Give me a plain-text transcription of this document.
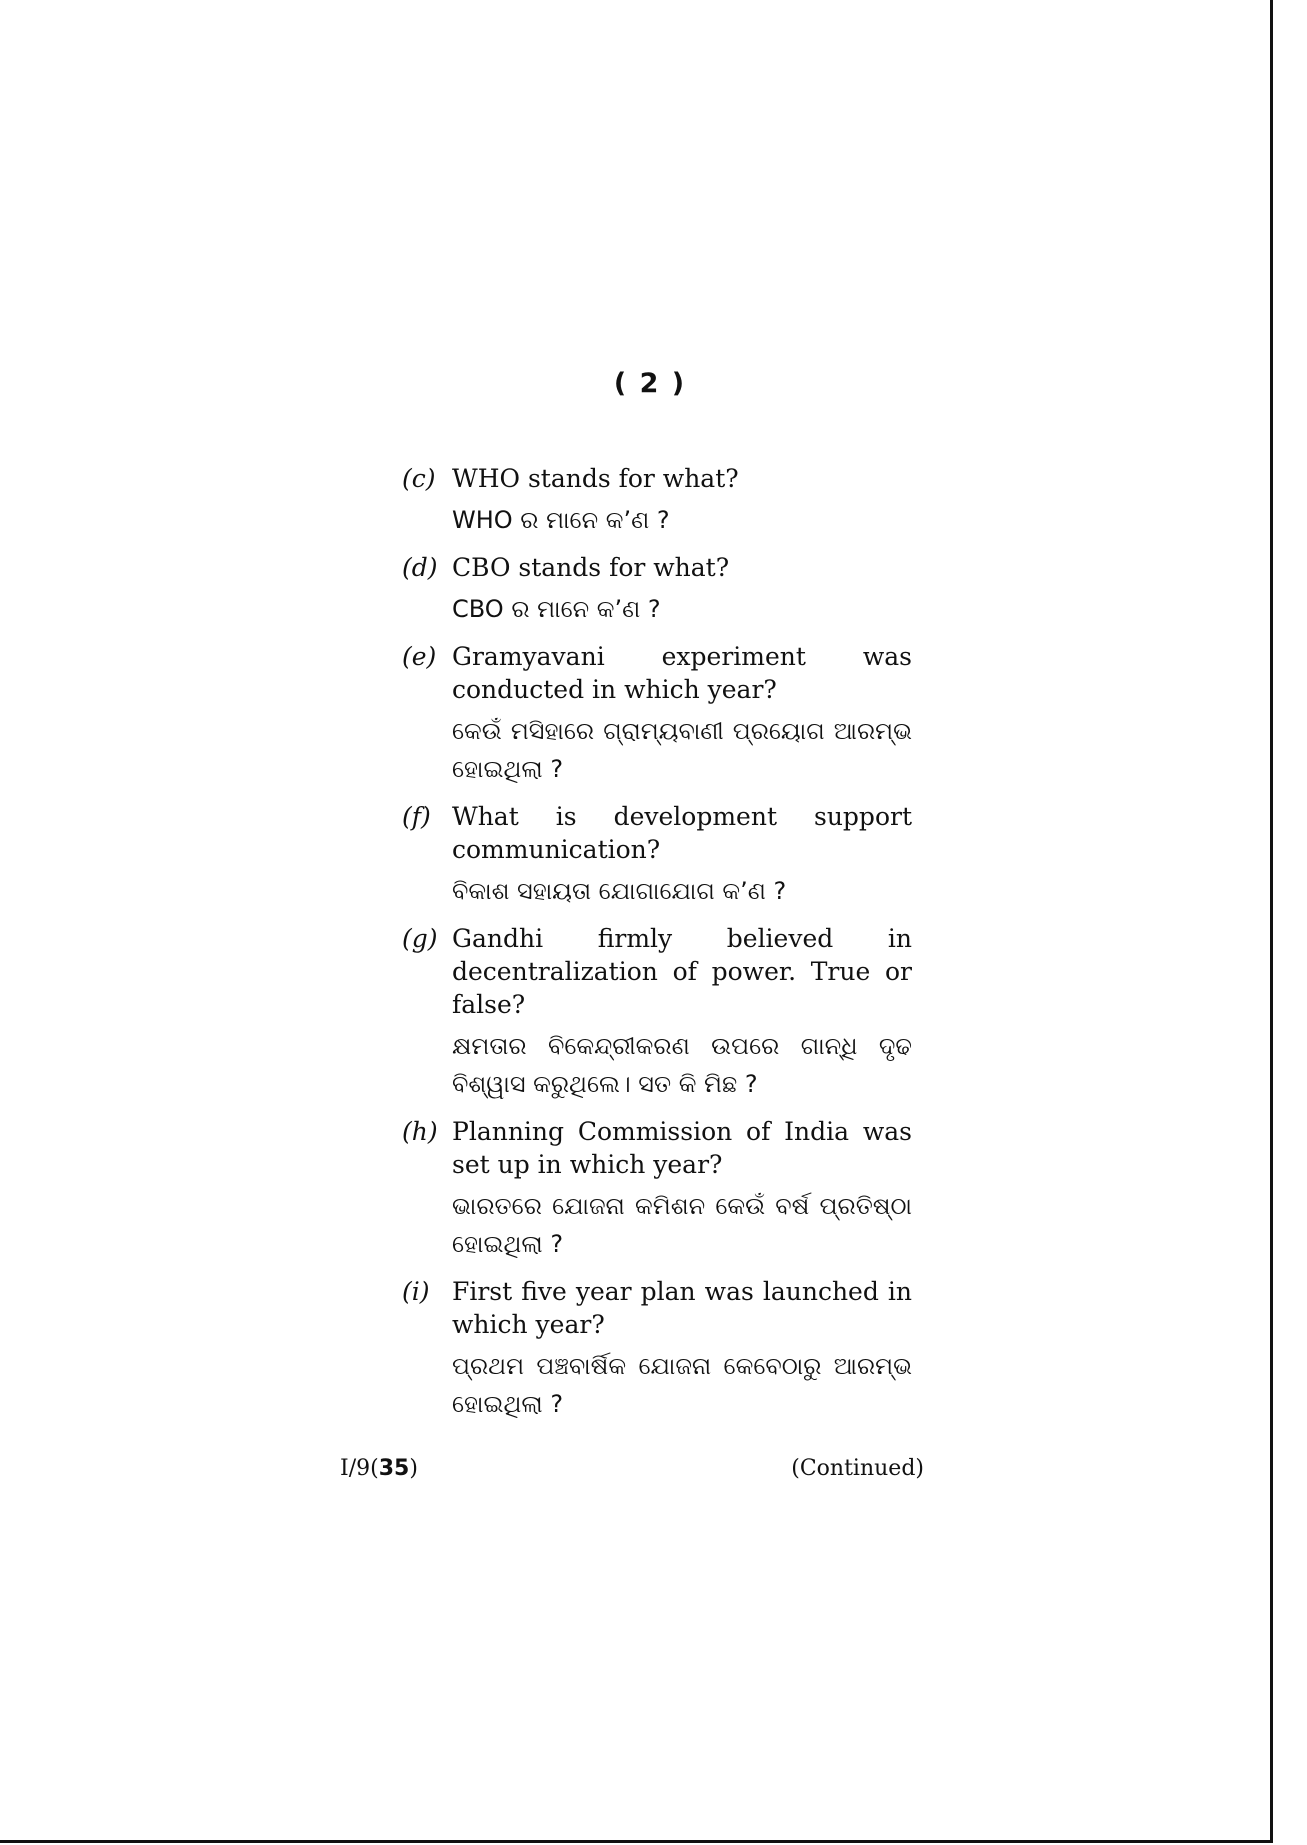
( 2 )
(c) WHO stands for what?
WHO ର ମାନେ କ’ଣ ?
(d) CBO stands for what?
CBO ର ମାନେ କ’ଣ ?
(e) Gramyavani experiment was conducted in which year?
କେଉଁ ମସିହାରେ ଗ୍ରାମ୍ୟବାଣୀ ପ୍ରୟୋଗ ଆରମ୍ଭ ହୋଇଥିଲା ?
(f) What is development support communication?
ବିକାଶ ସହାୟତା ଯୋଗାଯୋଗ କ’ଣ ?
(g) Gandhi firmly believed in decentralization of power. True or false?
କ୍ଷମତାର ବିକେନ୍ଦ୍ରୀକରଣ ଉପରେ ଗାନ୍ଧି ଦୃଢ ବିଶ୍ୱାସ କରୁଥିଲେ। ସତ କି ମିଛ ?
(h) Planning Commission of India was set up in which year?
ଭାରତରେ ଯୋଜନା କମିଶନ କେଉଁ ବର୍ଷ ପ୍ରତିଷ୍ଠା ହୋଇଥିଲା ?
(i) First five year plan was launched in which year?
ପ୍ରଥମ ପଞ୍ଚବାର୍ଷିକ ଯୋଜନା କେବେଠାରୁ ଆରମ୍ଭ ହୋଇଥିଲା ?
I/9(35)	(Continued)
